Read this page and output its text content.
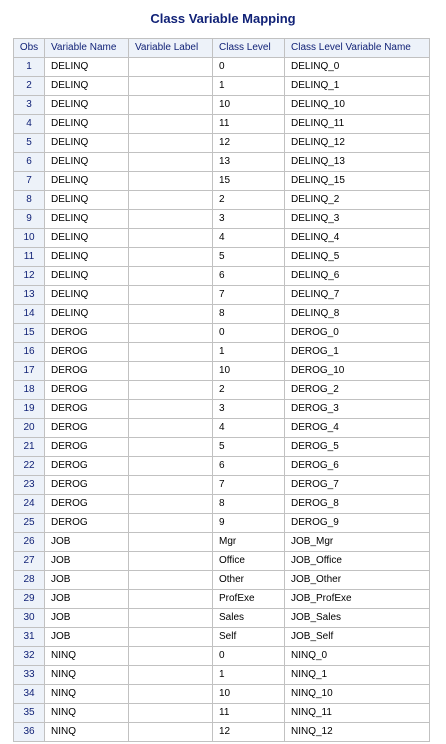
Class Variable Mapping
Obs	Variable Name	Variable Label	Class Level	Class Level Variable Name
1	DELINQ		0	DELINQ_0
2	DELINQ		1	DELINQ_1
3	DELINQ		10	DELINQ_10
4	DELINQ		11	DELINQ_11
5	DELINQ		12	DELINQ_12
6	DELINQ		13	DELINQ_13
7	DELINQ		15	DELINQ_15
8	DELINQ		2	DELINQ_2
9	DELINQ		3	DELINQ_3
10	DELINQ		4	DELINQ_4
11	DELINQ		5	DELINQ_5
12	DELINQ		6	DELINQ_6
13	DELINQ		7	DELINQ_7
14	DELINQ		8	DELINQ_8
15	DEROG		0	DEROG_0
16	DEROG		1	DEROG_1
17	DEROG		10	DEROG_10
18	DEROG		2	DEROG_2
19	DEROG		3	DEROG_3
20	DEROG		4	DEROG_4
21	DEROG		5	DEROG_5
22	DEROG		6	DEROG_6
23	DEROG		7	DEROG_7
24	DEROG		8	DEROG_8
25	DEROG		9	DEROG_9
26	JOB		Mgr	JOB_Mgr
27	JOB		Office	JOB_Office
28	JOB		Other	JOB_Other
29	JOB		ProfExe	JOB_ProfExe
30	JOB		Sales	JOB_Sales
31	JOB		Self	JOB_Self
32	NINQ		0	NINQ_0
33	NINQ		1	NINQ_1
34	NINQ		10	NINQ_10
35	NINQ		11	NINQ_11
36	NINQ		12	NINQ_12
